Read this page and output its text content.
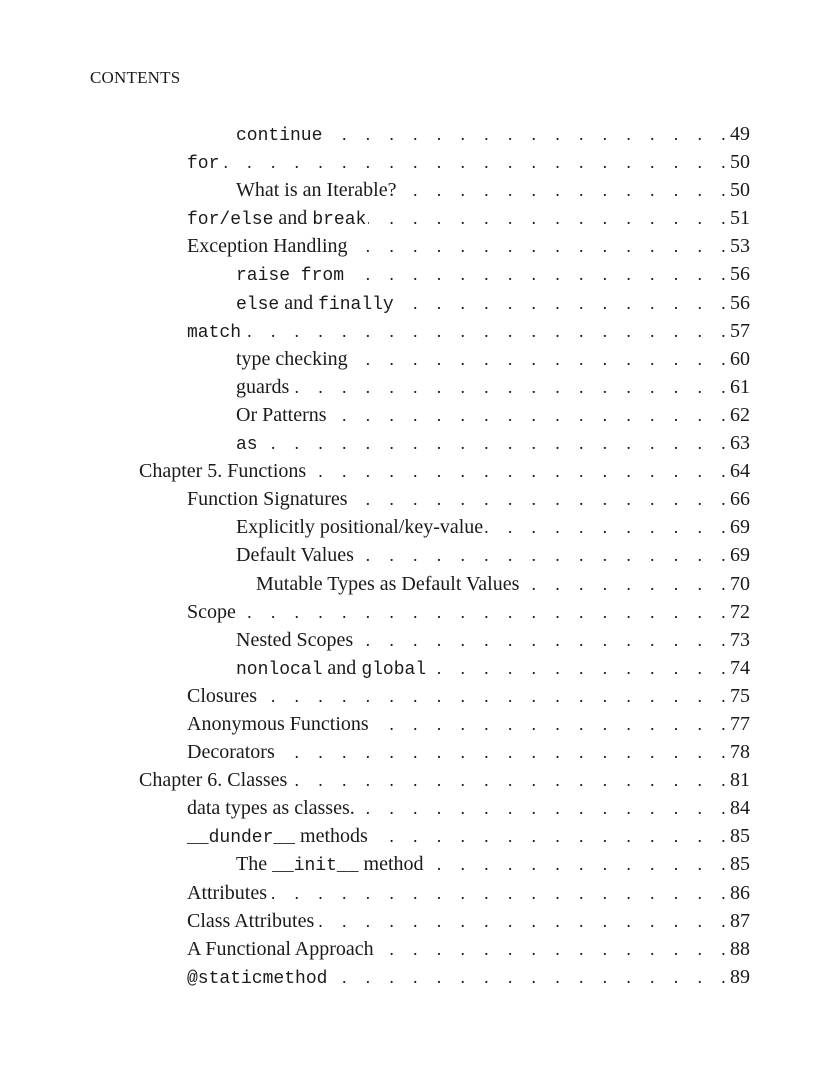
CONTENTS
continue . . .	49
for . . .	50
What is an Iterable? . . .	50
for/else and break . . .	51
Exception Handling . . .	53
raise from . . .	56
else and finally . . .	56
match . . .	57
type checking . . .	60
guards . . .	61
Or Patterns . . .	62
as . . .	63
Chapter 5. Functions . . .	64
Function Signatures . . .	66
Explicitly positional/key-value . . .	69
Default Values . . .	69
Mutable Types as Default Values . . .	70
Scope . . .	72
Nested Scopes . . .	73
nonlocal and global . . .	74
Closures . . .	75
Anonymous Functions . . .	77
Decorators . . .	78
Chapter 6. Classes . . .	81
data types as classes. . . .	84
__dunder__ methods . . .	85
The __init__ method . . .	85
Attributes . . .	86
Class Attributes . . .	87
A Functional Approach . . .	88
@staticmethod . . .	89
